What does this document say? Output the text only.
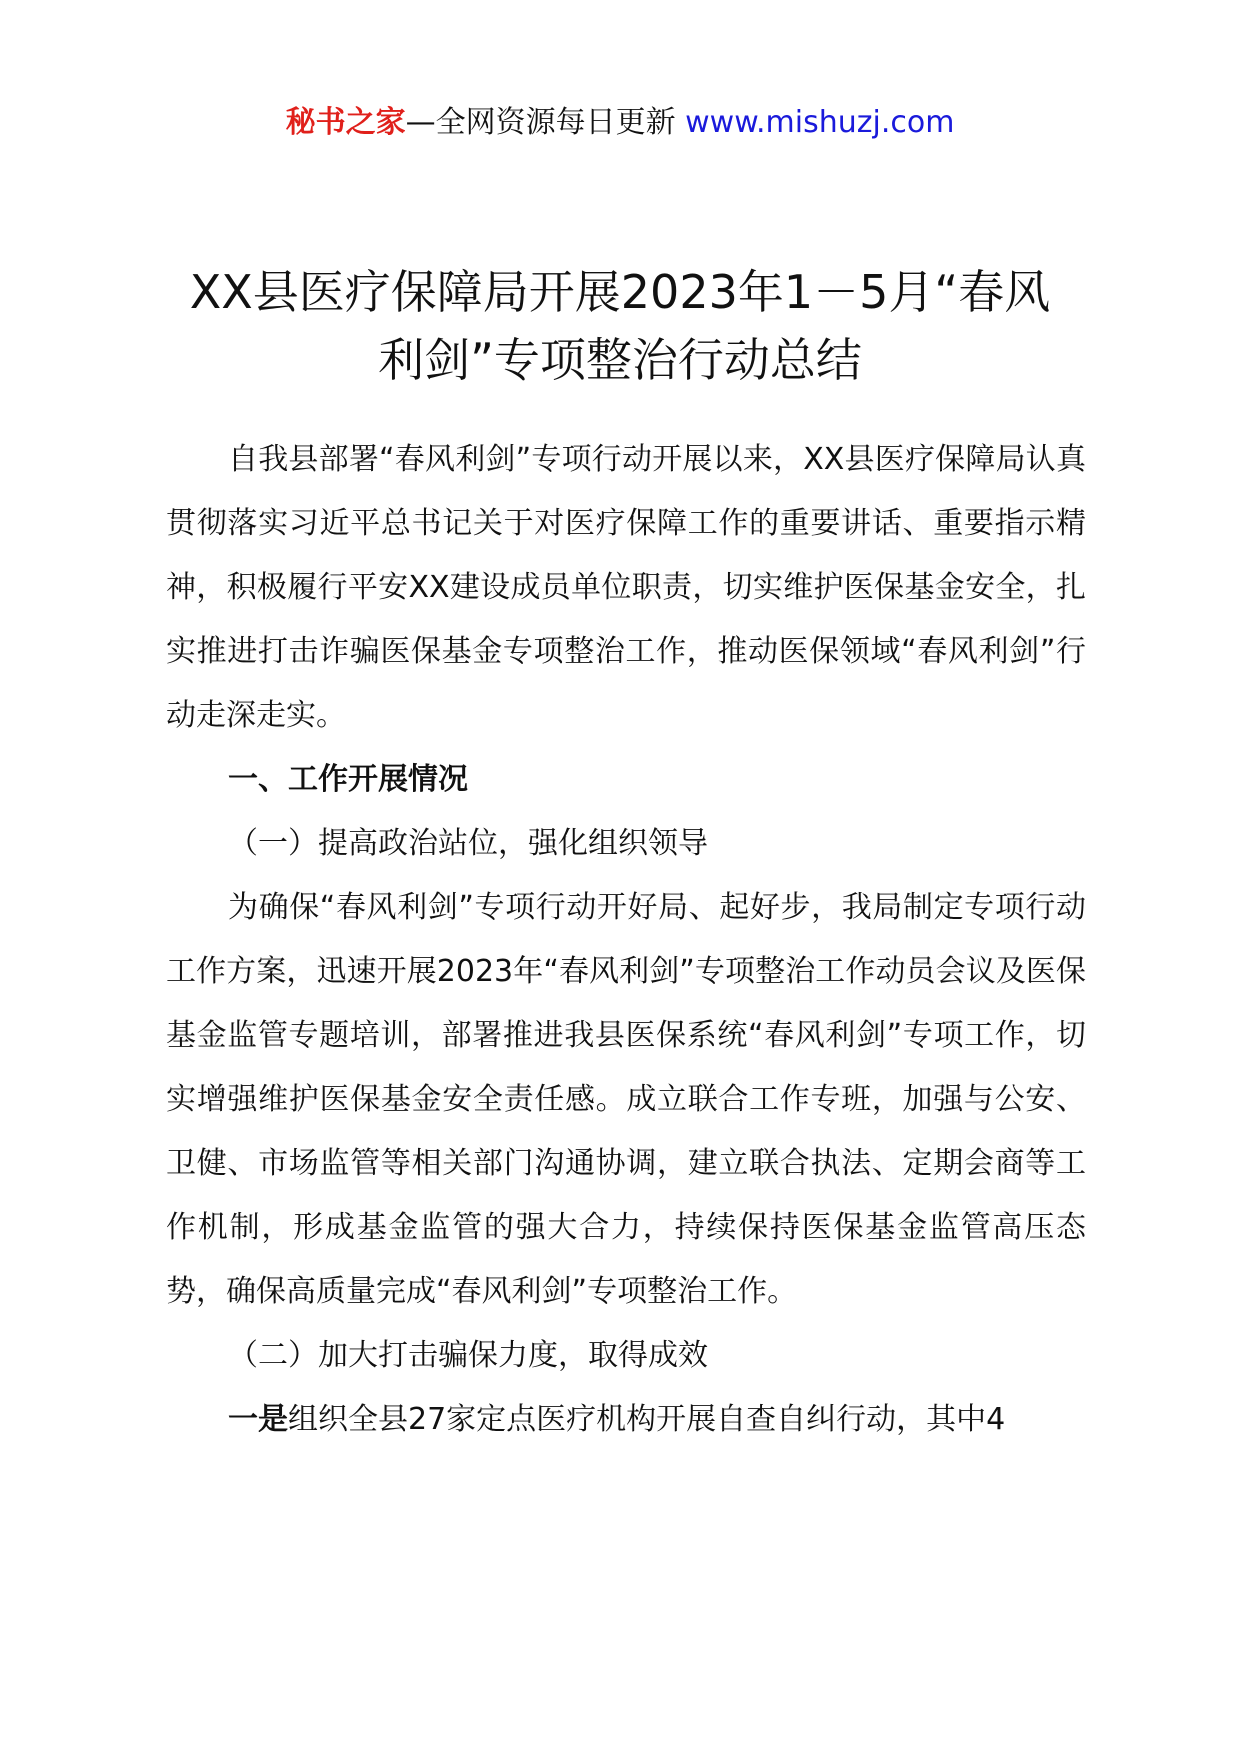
秘书之家—全网资源每日更新 www.mishuzj.com
XX县医疗保障局开展2023年1－5月“春风
利剑”专项整治行动总结

自我县部署“春风利剑”专项行动开展以来，XX县医疗保障局认真贯彻落实习近平总书记关于对医疗保障工作的重要讲话、重要指示精神，积极履行平安XX建设成员单位职责，切实维护医保基金安全，扎实推进打击诈骗医保基金专项整治工作，推动医保领域“春风利剑”行动走深走实。

一、工作开展情况

（一）提高政治站位，强化组织领导

为确保“春风利剑”专项行动开好局、起好步，我局制定专项行动工作方案，迅速开展2023年“春风利剑”专项整治工作动员会议及医保基金监管专题培训，部署推进我县医保系统“春风利剑”专项工作，切实增强维护医保基金安全责任感。成立联合工作专班，加强与公安、卫健、市场监管等相关部门沟通协调，建立联合执法、定期会商等工作机制，形成基金监管的强大合力，持续保持医保基金监管高压态势，确保高质量完成“春风利剑”专项整治工作。

（二）加大打击骗保力度，取得成效

一是组织全县27家定点医疗机构开展自查自纠行动，其中4
